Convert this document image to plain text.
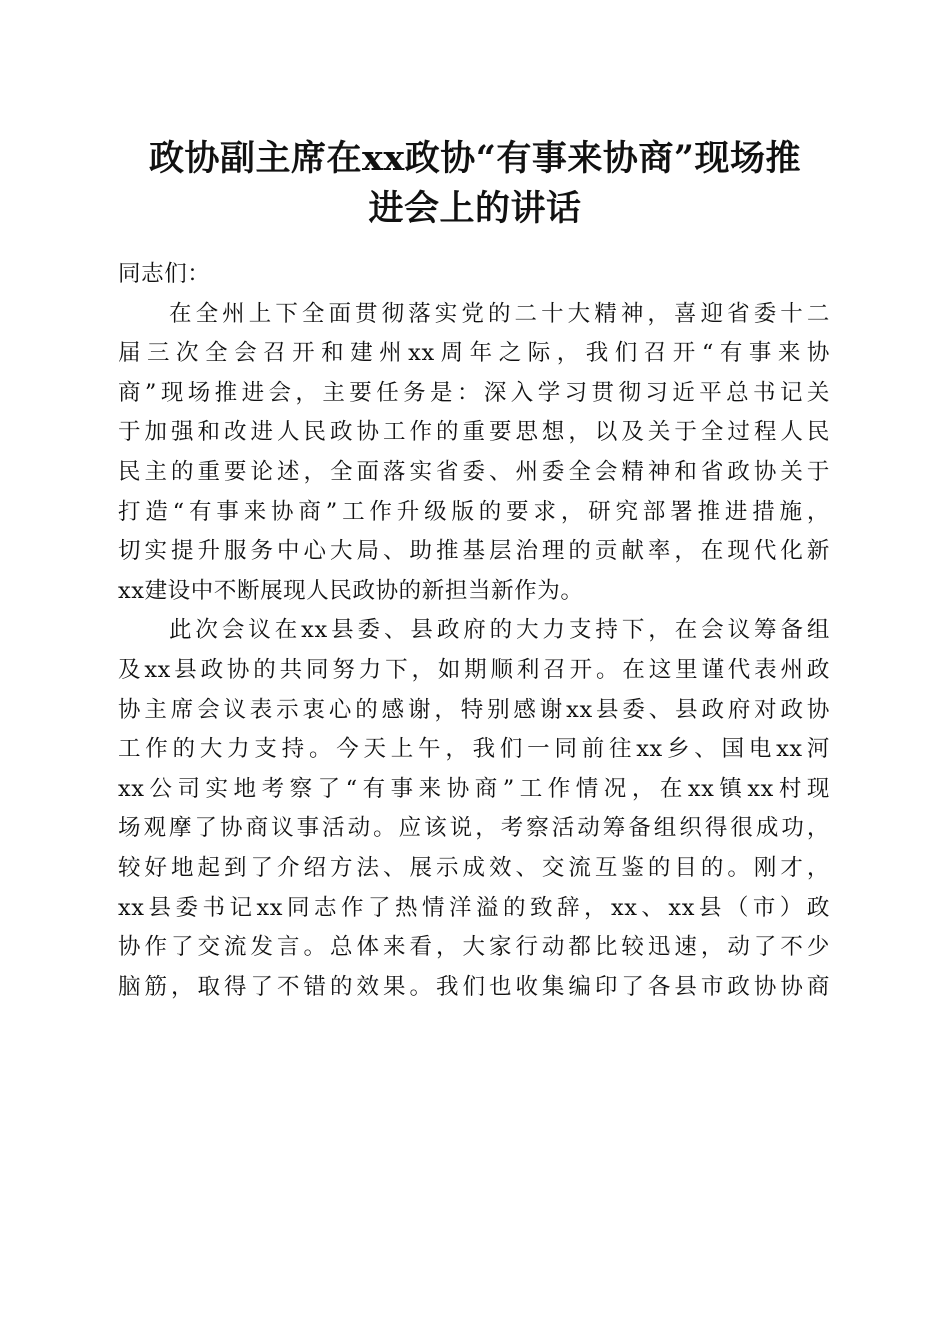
政协副主席在xx政协“有事来协商”现场推
进会上的讲话
同志们：
在全州上下全面贯彻落实党的二十大精神，喜迎省委十二
届三次全会召开和建州xx周年之际，我们召开“有事来协
商”现场推进会，主要任务是：深入学习贯彻习近平总书记关
于加强和改进人民政协工作的重要思想，以及关于全过程人民
民主的重要论述，全面落实省委、州委全会精神和省政协关于
打造“有事来协商”工作升级版的要求，研究部署推进措施，
切实提升服务中心大局、助推基层治理的贡献率，在现代化新
xx建设中不断展现人民政协的新担当新作为。
此次会议在xx县委、县政府的大力支持下，在会议筹备组
及xx县政协的共同努力下，如期顺利召开。在这里谨代表州政
协主席会议表示衷心的感谢，特别感谢xx县委、县政府对政协
工作的大力支持。今天上午，我们一同前往xx乡、国电xx河
xx公司实地考察了“有事来协商”工作情况，在xx镇xx村现
场观摩了协商议事活动。应该说，考察活动筹备组织得很成功，
较好地起到了介绍方法、展示成效、交流互鉴的目的。刚才，
xx县委书记xx同志作了热情洋溢的致辞，xx、xx县（市）政
协作了交流发言。总体来看，大家行动都比较迅速，动了不少
脑筋，取得了不错的效果。我们也收集编印了各县市政协协商
